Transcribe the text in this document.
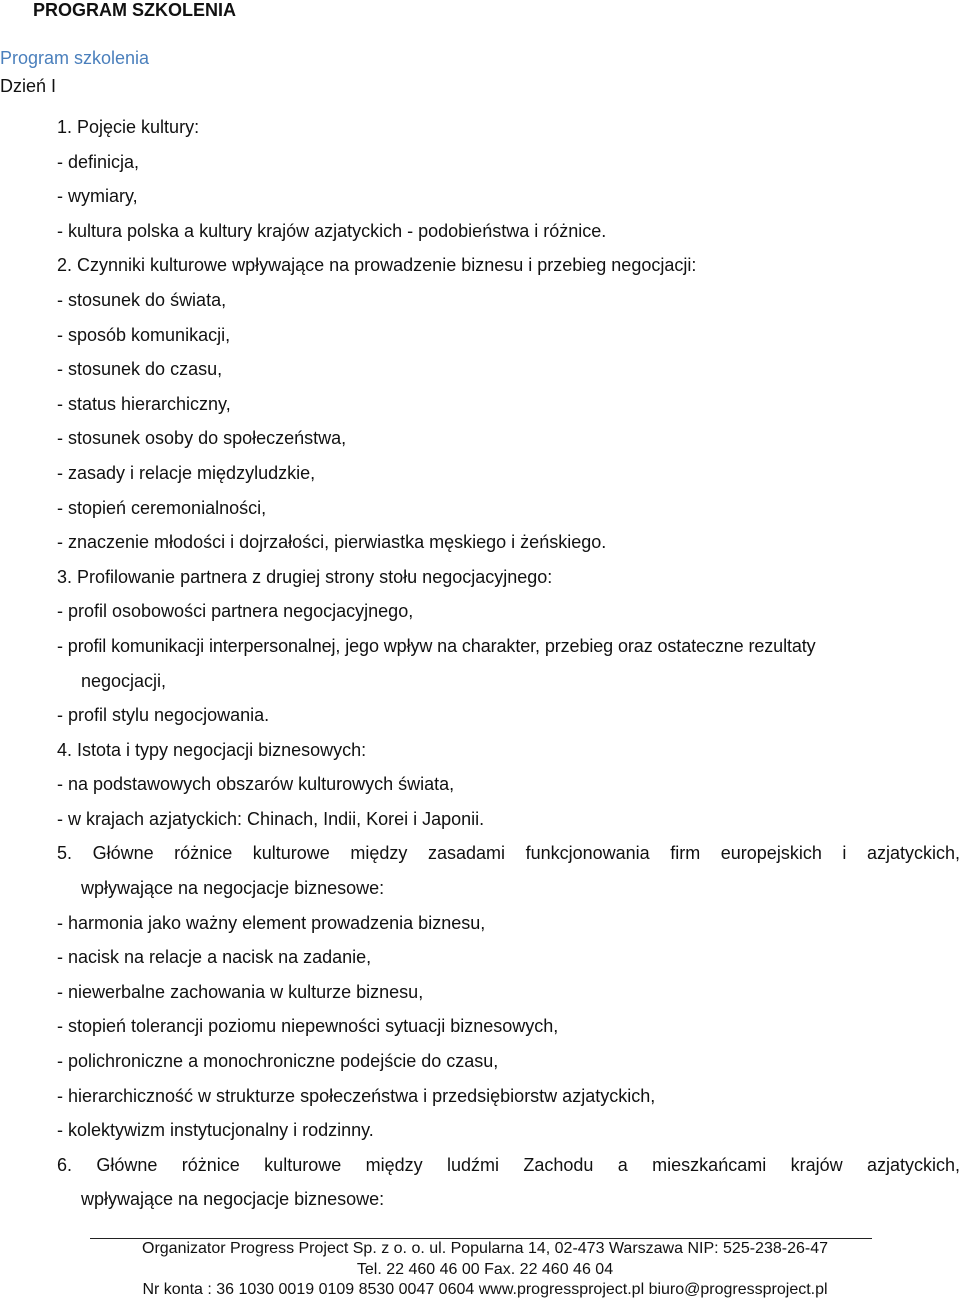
PROGRAM SZKOLENIA
Program szkolenia
Dzień I
1. Pojęcie kultury:
- definicja,
- wymiary,
- kultura polska a kultury krajów azjatyckich - podobieństwa i różnice.
2. Czynniki kulturowe wpływające na prowadzenie biznesu i przebieg negocjacji:
- stosunek do świata,
- sposób komunikacji,
- stosunek do czasu,
- status hierarchiczny,
- stosunek osoby do społeczeństwa,
- zasady i relacje międzyludzkie,
- stopień ceremonialności,
- znaczenie młodości i dojrzałości, pierwiastka męskiego i żeńskiego.
3. Profilowanie partnera z drugiej strony stołu negocjacyjnego:
- profil osobowości partnera negocjacyjnego,
- profil komunikacji interpersonalnej, jego wpływ na charakter, przebieg oraz ostateczne rezultaty
negocjacji,
- profil stylu negocjowania.
4. Istota i typy negocjacji biznesowych:
- na podstawowych obszarów kulturowych świata,
- w krajach azjatyckich: Chinach, Indii, Korei i Japonii.
5. Główne różnice kulturowe między zasadami funkcjonowania firm europejskich i azjatyckich,
wpływające na negocjacje biznesowe:
- harmonia jako ważny element prowadzenia biznesu,
- nacisk na relacje a nacisk na zadanie,
- niewerbalne zachowania w kulturze biznesu,
- stopień tolerancji poziomu niepewności sytuacji biznesowych,
- polichroniczne a monochroniczne podejście do czasu,
- hierarchiczność w strukturze społeczeństwa i przedsiębiorstw azjatyckich,
- kolektywizm instytucjonalny i rodzinny.
6. Główne różnice kulturowe między ludźmi Zachodu a mieszkańcami krajów azjatyckich,
wpływające na negocjacje biznesowe:
Organizator Progress Project Sp. z o. o. ul. Popularna 14, 02-473 Warszawa NIP: 525-238-26-47
Tel. 22 460 46 00 Fax. 22 460 46 04
Nr konta : 36 1030 0019 0109 8530 0047 0604 www.progressproject.pl biuro@progressproject.pl
